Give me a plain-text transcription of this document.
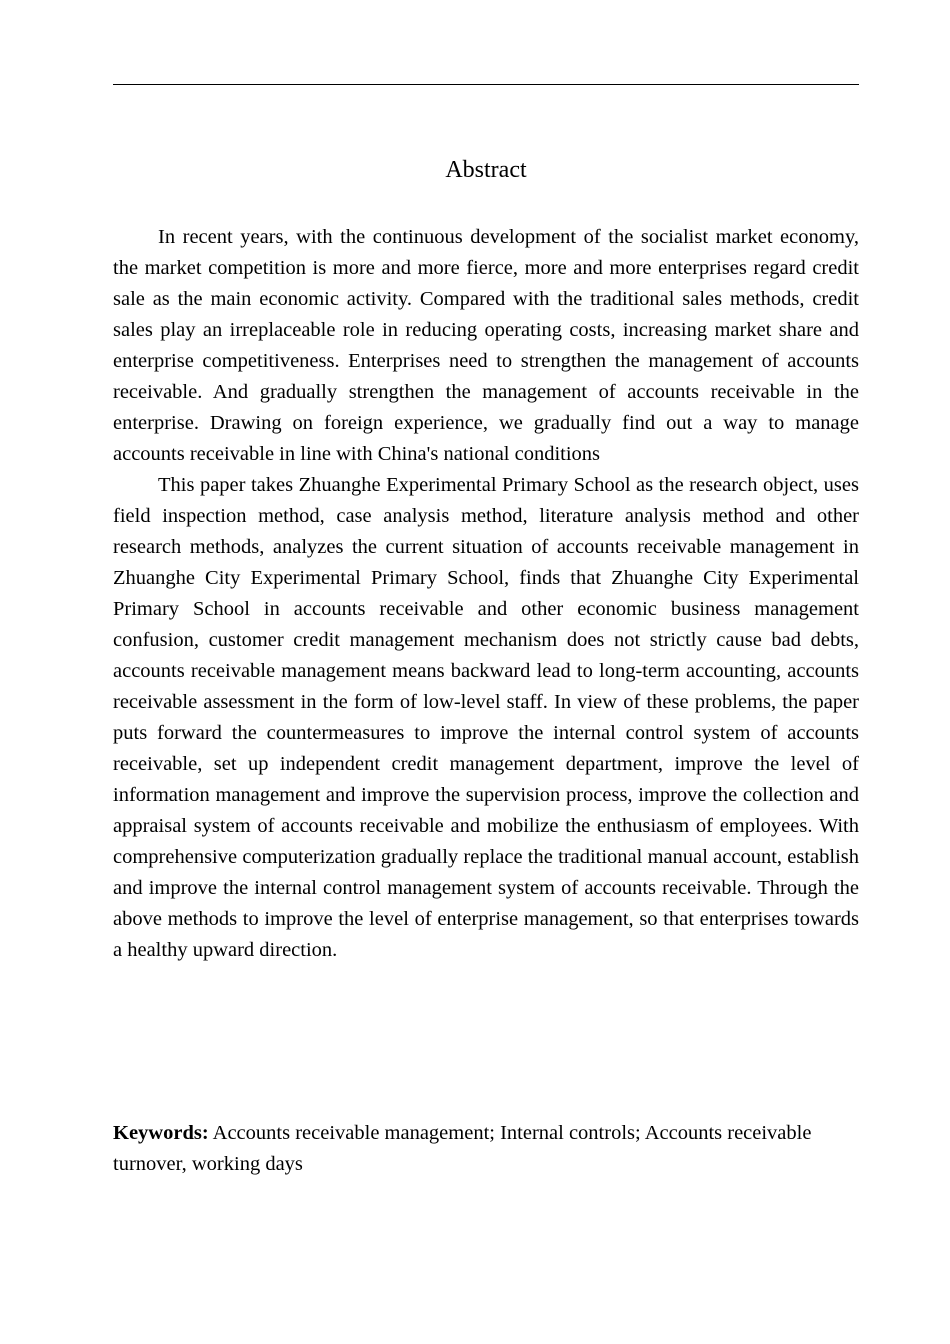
Abstract

In recent years, with the continuous development of the socialist market economy, the market competition is more and more fierce, more and more enterprises regard credit sale as the main economic activity. Compared with the traditional sales methods, credit sales play an irreplaceable role in reducing operating costs, increasing market share and enterprise competitiveness. Enterprises need to strengthen the management of accounts receivable. And gradually strengthen the management of accounts receivable in the enterprise. Drawing on foreign experience, we gradually find out a way to manage accounts receivable in line with China's national conditions

This paper takes Zhuanghe Experimental Primary School as the research object, uses field inspection method, case analysis method, literature analysis method and other research methods, analyzes the current situation of accounts receivable management in Zhuanghe City Experimental Primary School, finds that Zhuanghe City Experimental Primary School in accounts receivable and other economic business management confusion, customer credit management mechanism does not strictly cause bad debts, accounts receivable management means backward lead to long-term accounting, accounts receivable assessment in the form of low-level staff. In view of these problems, the paper puts forward the countermeasures to improve the internal control system of accounts receivable, set up independent credit management department, improve the level of information management and improve the supervision process, improve the collection and appraisal system of accounts receivable and mobilize the enthusiasm of employees. With comprehensive computerization gradually replace the traditional manual account, establish and improve the internal control management system of accounts receivable. Through the above methods to improve the level of enterprise management, so that enterprises towards a healthy upward direction.

Keywords: Accounts receivable management; Internal controls; Accounts receivable turnover, working days
